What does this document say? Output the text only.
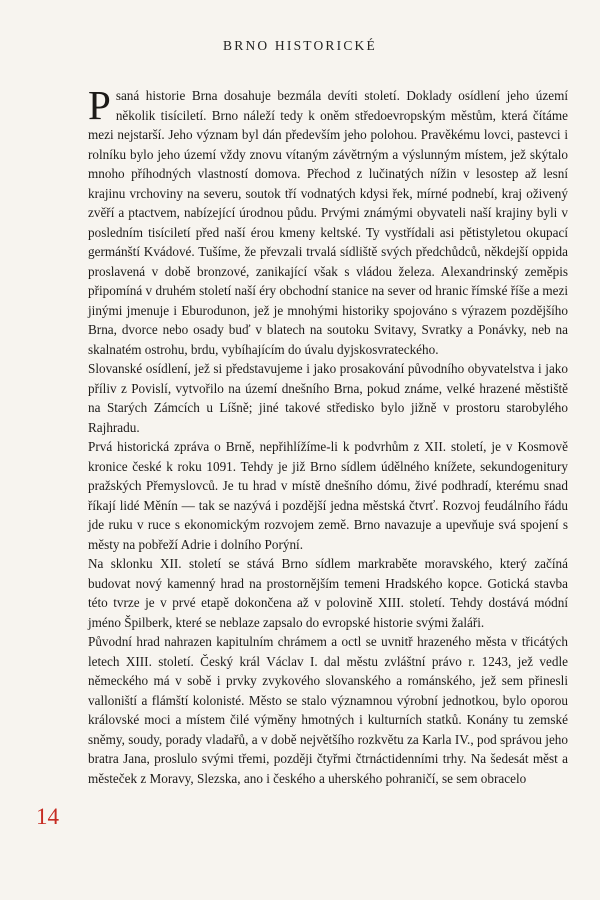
BRNO HISTORICKÉ

Psaná historie Brna dosahuje bezmála devíti století. Doklady osídlení jeho území několik tisíciletí. Brno náleží tedy k oněm středoevropským městům, která čítáme mezi nejstarší. Jeho význam byl dán především jeho polohou. Pravěkému lovci, pastevci i rolníku bylo jeho území vždy znovu vítaným závětrným a výslunným místem, jež skýtalo mnoho příhodných vlastností domova. Přechod z lučinatých nížin v lesostep až lesní krajinu vrchoviny na severu, soutok tří vodnatých kdysi řek, mírné podnebí, kraj oživený zvěří a ptactvem, nabízející úrodnou půdu. Prvými známými obyvateli naší krajiny byli v posledním tisíciletí před naší érou kmeny keltské. Ty vystřídali asi pětistyletou okupací germánští Kvádové. Tušíme, že převzali trvalá sídliště svých předchůdců, někdejší oppida proslavená v době bronzové, zanikající však s vládou železa. Alexandrinský zeměpis připomíná v druhém století naší éry obchodní stanice na sever od hranic římské říše a mezi jinými jmenuje i Eburodunon, jež je mnohými historiky spojováno s výrazem pozdějšího Brna, dvorce nebo osady buď v blatech na soutoku Svitavy, Svratky a Ponávky, neb na skalnatém ostrohu, brdu, vybíhajícím do úvalu dyjskosvrateckého.

Slovanské osídlení, jež si představujeme i jako prosakování původního obyvatelstva i jako příliv z Povislí, vytvořilo na území dnešního Brna, pokud známe, velké hrazené městiště na Starých Zámcích u Líšně; jiné takové středisko bylo jižně v prostoru starobylého Rajhradu.

Prvá historická zpráva o Brně, nepřihlížíme-li k podvrhům z XII. století, je v Kosmově kronice české k roku 1091. Tehdy je již Brno sídlem údělného knížete, sekundogenitury pražských Přemyslovců. Je tu hrad v místě dnešního dómu, živé podhradí, kterému snad říkají lidé Měnín — tak se nazývá i pozdější jedna městská čtvrť. Rozvoj feudálního řádu jde ruku v ruce s ekonomickým rozvojem země. Brno navazuje a upevňuje svá spojení s městy na pobřeží Adrie i dolního Porýní.

Na sklonku XII. století se stává Brno sídlem markraběte moravského, který začíná budovat nový kamenný hrad na prostornějším temeni Hradského kopce. Gotická stavba této tvrze je v prvé etapě dokončena až v polovině XIII. století. Tehdy dostává módní jméno Špilberk, které se neblaze zapsalo do evropské historie svými žaláři.

Původní hrad nahrazen kapitulním chrámem a octl se uvnitř hrazeného města v třicátých letech XIII. století. Český král Václav I. dal městu zvláštní právo r. 1243, jež vedle německého má v sobě i prvky zvykového slovanského a románského, jež sem přinesli valloniští a flámští kolonisté. Město se stalo významnou výrobní jednotkou, bylo oporou královské moci a místem čilé výměny hmotných i kulturních statků. Konány tu zemské sněmy, soudy, porady vladařů, a v době největšího rozkvětu za Karla IV., pod správou jeho bratra Jana, proslulo svými třemi, později čtyřmi čtrnáctidenními trhy. Na šedesát měst a městeček z Moravy, Slezska, ano i českého a uherského pohraničí, se sem obracelo

14
